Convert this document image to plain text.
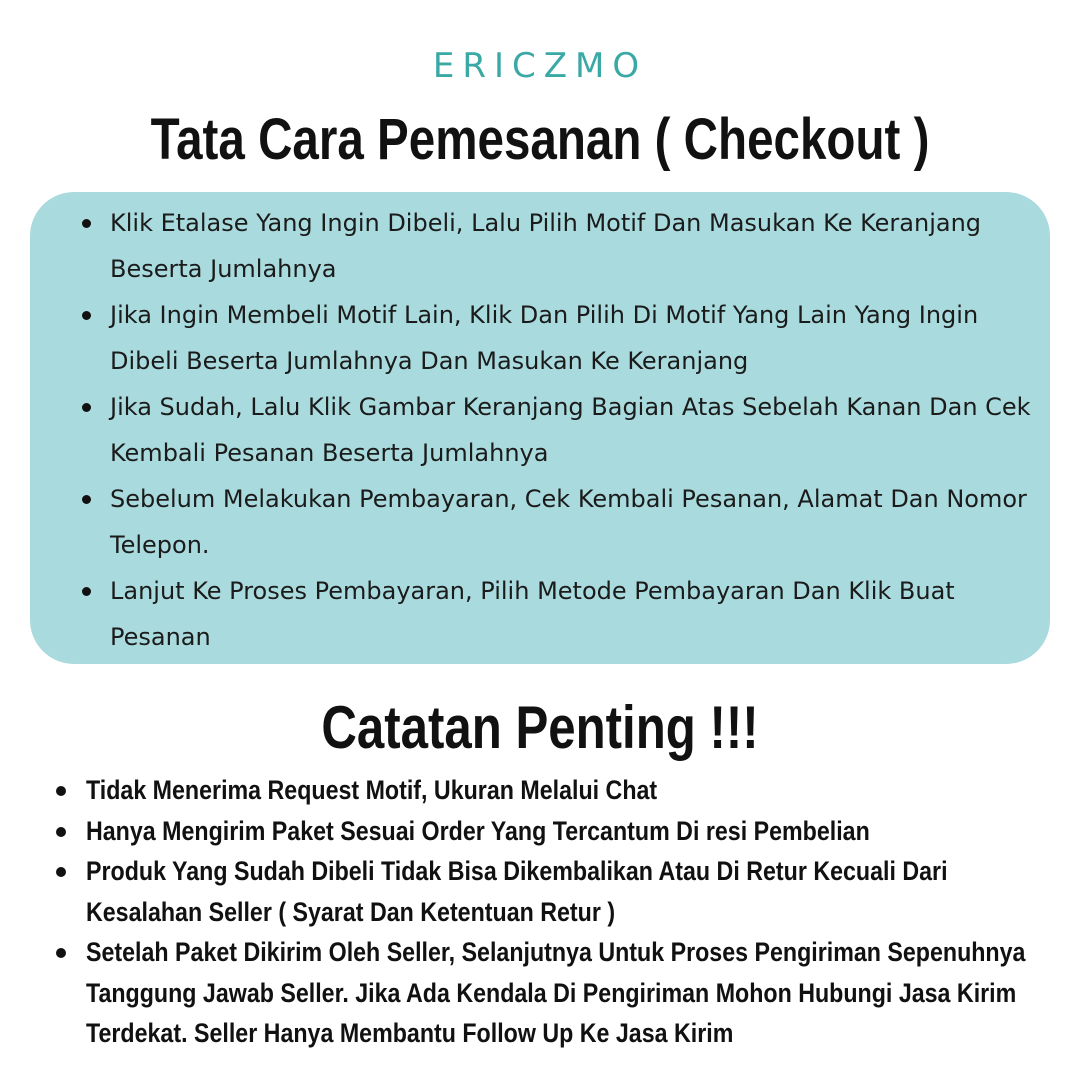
ERICZMO
Tata Cara Pemesanan ( Checkout )
Klik Etalase Yang Ingin Dibeli, Lalu Pilih Motif Dan Masukan Ke Keranjang Beserta Jumlahnya
Jika Ingin Membeli Motif Lain, Klik Dan Pilih Di Motif Yang Lain Yang Ingin Dibeli Beserta Jumlahnya Dan Masukan Ke Keranjang
Jika Sudah, Lalu Klik Gambar Keranjang Bagian Atas Sebelah Kanan Dan Cek Kembali Pesanan Beserta Jumlahnya
Sebelum Melakukan Pembayaran, Cek Kembali Pesanan, Alamat Dan Nomor Telepon.
Lanjut Ke Proses Pembayaran, Pilih Metode Pembayaran Dan Klik Buat Pesanan
Catatan Penting !!!
Tidak Menerima Request Motif, Ukuran Melalui Chat
Hanya Mengirim Paket Sesuai Order Yang Tercantum Di resi Pembelian
Produk Yang Sudah Dibeli Tidak Bisa Dikembalikan Atau Di Retur Kecuali Dari Kesalahan Seller ( Syarat Dan Ketentuan Retur )
Setelah Paket Dikirim Oleh Seller, Selanjutnya Untuk Proses Pengiriman Sepenuhnya Tanggung Jawab Seller. Jika Ada Kendala Di Pengiriman Mohon Hubungi Jasa Kirim Terdekat. Seller Hanya Membantu Follow Up Ke Jasa Kirim
